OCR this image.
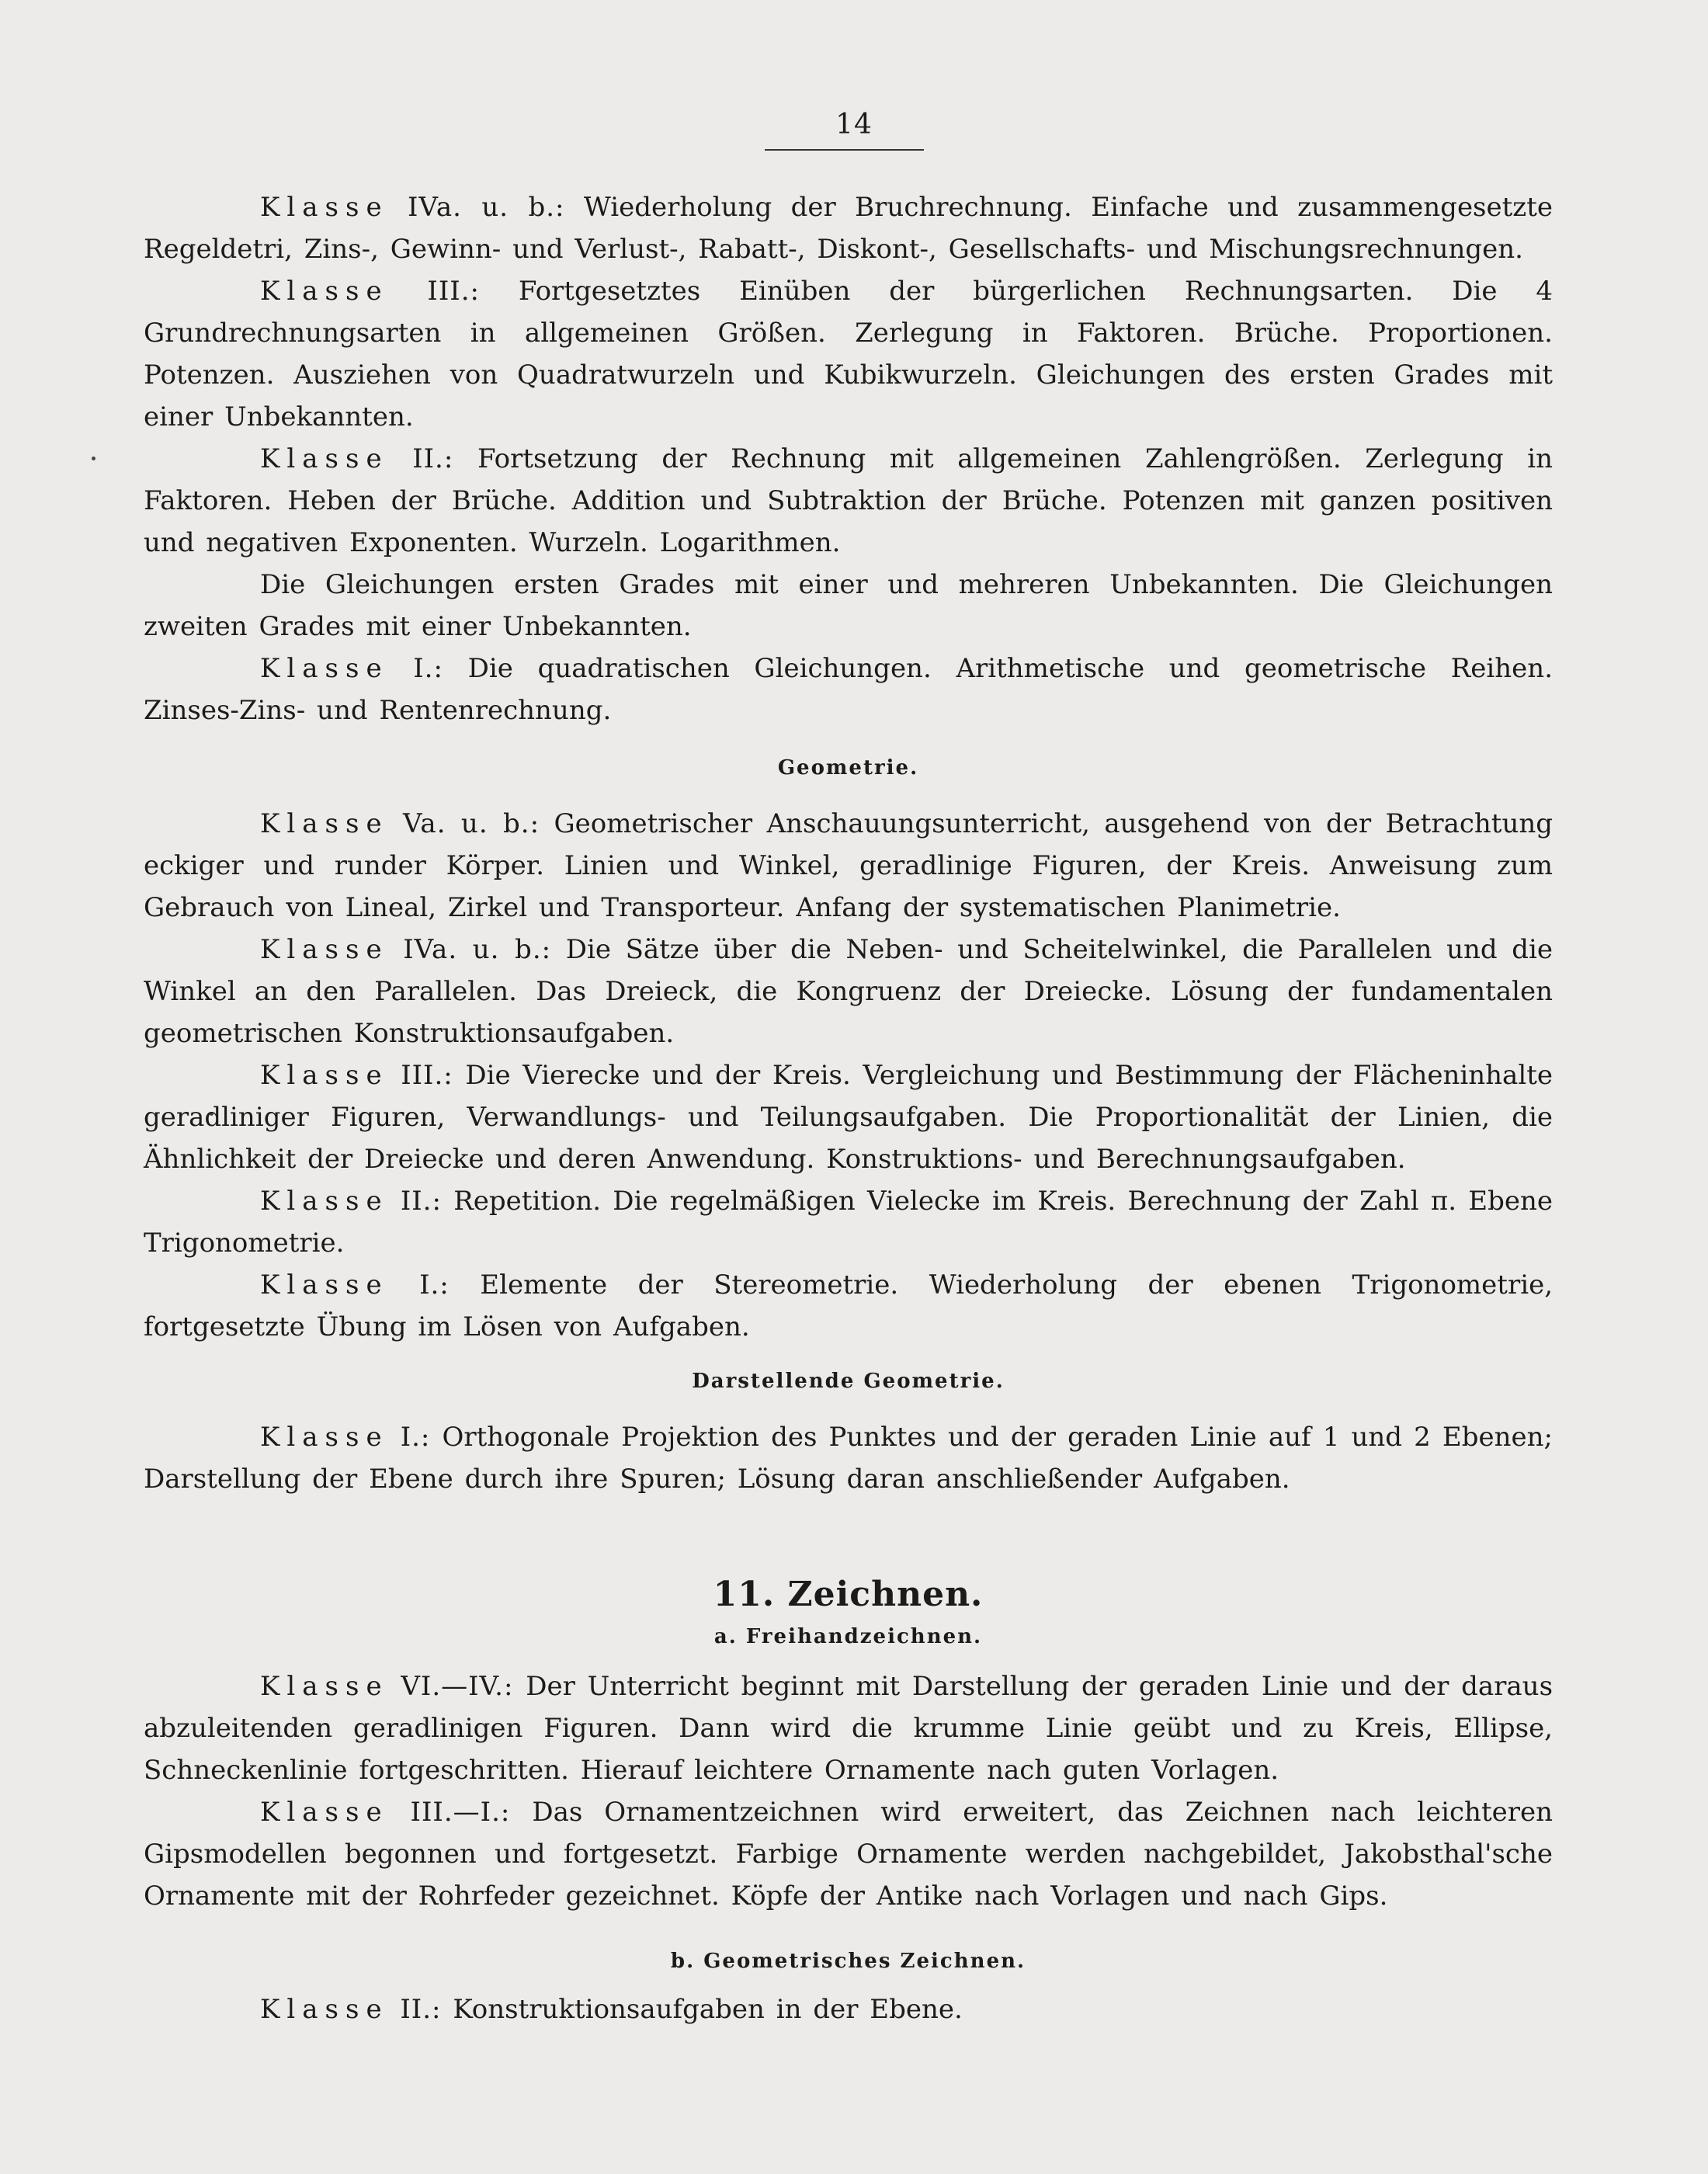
14

Klasse IVa. u. b.: Wiederholung der Bruchrechnung. Einfache und zusammengesetzte Regeldetri, Zins-, Gewinn- und Verlust-, Rabatt-, Diskont-, Gesellschafts- und Mischungsrechnungen.

Klasse III.: Fortgesetztes Einüben der bürgerlichen Rechnungsarten. Die 4 Grundrechnungsarten in allgemeinen Größen. Zerlegung in Faktoren. Brüche. Proportionen. Potenzen. Ausziehen von Quadratwurzeln und Kubikwurzeln. Gleichungen des ersten Grades mit einer Unbekannten.

Klasse II.: Fortsetzung der Rechnung mit allgemeinen Zahlengrößen. Zerlegung in Faktoren. Heben der Brüche. Addition und Subtraktion der Brüche. Potenzen mit ganzen positiven und negativen Exponenten. Wurzeln. Logarithmen.

Die Gleichungen ersten Grades mit einer und mehreren Unbekannten. Die Gleichungen zweiten Grades mit einer Unbekannten.

Klasse I.: Die quadratischen Gleichungen. Arithmetische und geometrische Reihen. Zinses-Zins- und Rentenrechnung.

Geometrie.

Klasse Va. u. b.: Geometrischer Anschauungsunterricht, ausgehend von der Betrachtung eckiger und runder Körper. Linien und Winkel, geradlinige Figuren, der Kreis. Anweisung zum Gebrauch von Lineal, Zirkel und Transporteur. Anfang der systematischen Planimetrie.

Klasse IVa. u. b.: Die Sätze über die Neben- und Scheitelwinkel, die Parallelen und die Winkel an den Parallelen. Das Dreieck, die Kongruenz der Dreiecke. Lösung der fundamentalen geometrischen Konstruktionsaufgaben.

Klasse III.: Die Vierecke und der Kreis. Vergleichung und Bestimmung der Flächeninhalte geradliniger Figuren, Verwandlungs- und Teilungsaufgaben. Die Proportionalität der Linien, die Ähnlichkeit der Dreiecke und deren Anwendung. Konstruktions- und Berechnungsaufgaben.

Klasse II.: Repetition. Die regelmäßigen Vielecke im Kreis. Berechnung der Zahl π. Ebene Trigonometrie.

Klasse I.: Elemente der Stereometrie. Wiederholung der ebenen Trigonometrie, fortgesetzte Übung im Lösen von Aufgaben.

Darstellende Geometrie.

Klasse I.: Orthogonale Projektion des Punktes und der geraden Linie auf 1 und 2 Ebenen; Darstellung der Ebene durch ihre Spuren; Lösung daran anschließender Aufgaben.

11. Zeichnen.
a. Freihandzeichnen.

Klasse VI.—IV.: Der Unterricht beginnt mit Darstellung der geraden Linie und der daraus abzuleitenden geradlinigen Figuren. Dann wird die krumme Linie geübt und zu Kreis, Ellipse, Schneckenlinie fortgeschritten. Hierauf leichtere Ornamente nach guten Vorlagen.

Klasse III.—I.: Das Ornamentzeichnen wird erweitert, das Zeichnen nach leichteren Gipsmodellen begonnen und fortgesetzt. Farbige Ornamente werden nachgebildet, Jakobsthal'sche Ornamente mit der Rohrfeder gezeichnet. Köpfe der Antike nach Vorlagen und nach Gips.

b. Geometrisches Zeichnen.

Klasse II.: Konstruktionsaufgaben in der Ebene.
